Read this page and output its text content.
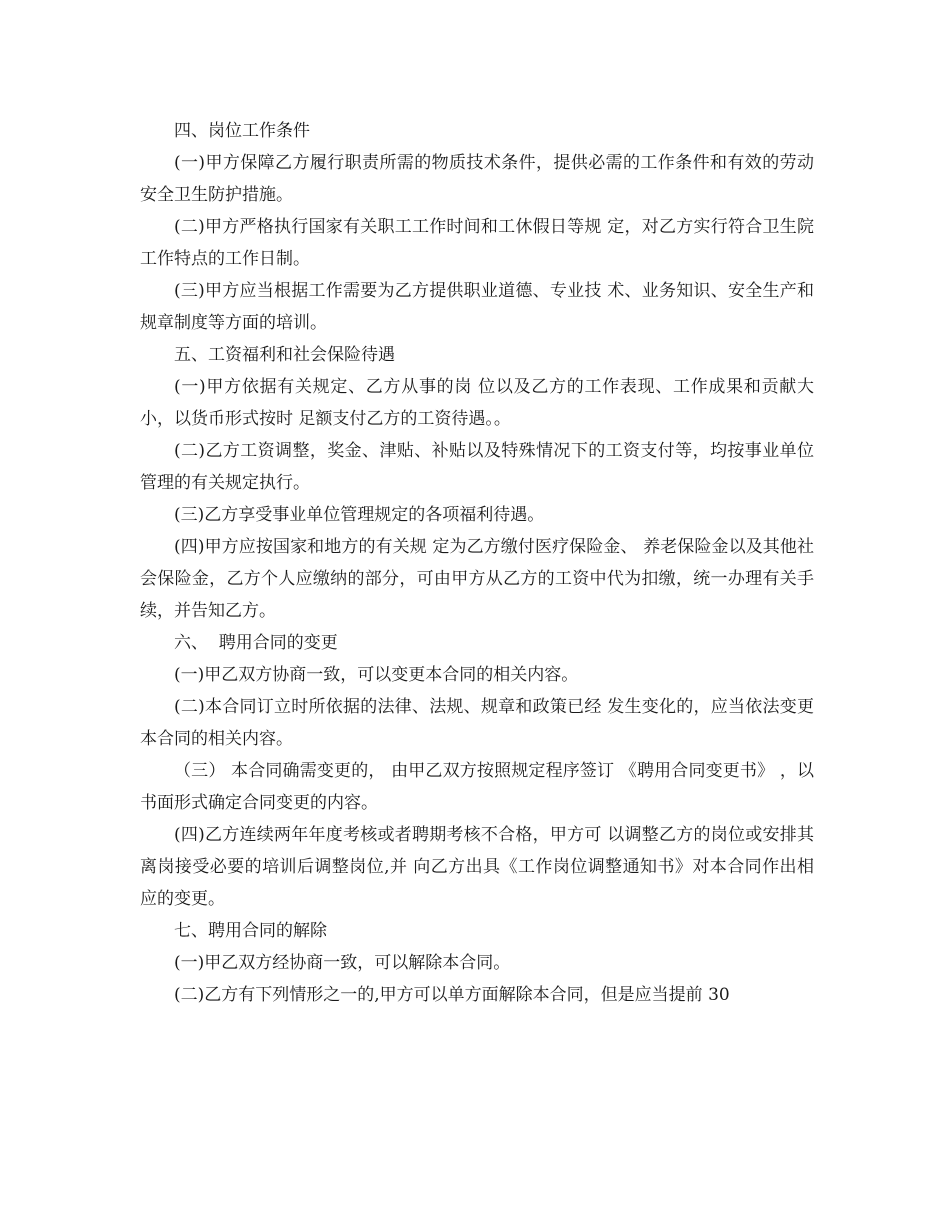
四、岗位工作条件

(一)甲方保障乙方履行职责所需的物质技术条件，提供必需的工作条件和有效的劳动安全卫生防护措施。

(二)甲方严格执行国家有关职工工作时间和工休假日等规 定，对乙方实行符合卫生院工作特点的工作日制。

(三)甲方应当根据工作需要为乙方提供职业道德、专业技 术、业务知识、安全生产和规章制度等方面的培训。

五、工资福利和社会保险待遇

(一)甲方依据有关规定、乙方从事的岗 位以及乙方的工作表现、工作成果和贡献大小，以货币形式按时 足额支付乙方的工资待遇。。

(二)乙方工资调整，奖金、津贴、补贴以及特殊情况下的工资支付等，均按事业单位管理的有关规定执行。

(三)乙方享受事业单位管理规定的各项福利待遇。

(四)甲方应按国家和地方的有关规 定为乙方缴付医疗保险金、 养老保险金以及其他社会保险金，乙方个人应缴纳的部分，可由甲方从乙方的工资中代为扣缴，统一办理有关手续，并告知乙方。

六、  聘用合同的变更

(一)甲乙双方协商一致，可以变更本合同的相关内容。

(二)本合同订立时所依据的法律、法规、规章和政策已经 发生变化的，应当依法变更本合同的相关内容。

（三） 本合同确需变更的， 由甲乙双方按照规定程序签订 《聘用合同变更书》 ，以书面形式确定合同变更的内容。

(四)乙方连续两年年度考核或者聘期考核不合格，甲方可 以调整乙方的岗位或安排其离岗接受必要的培训后调整岗位,并 向乙方出具《工作岗位调整通知书》对本合同作出相 应的变更。

七、聘用合同的解除

(一)甲乙双方经协商一致，可以解除本合同。

(二)乙方有下列情形之一的,甲方可以单方面解除本合同，但是应当提前 30
